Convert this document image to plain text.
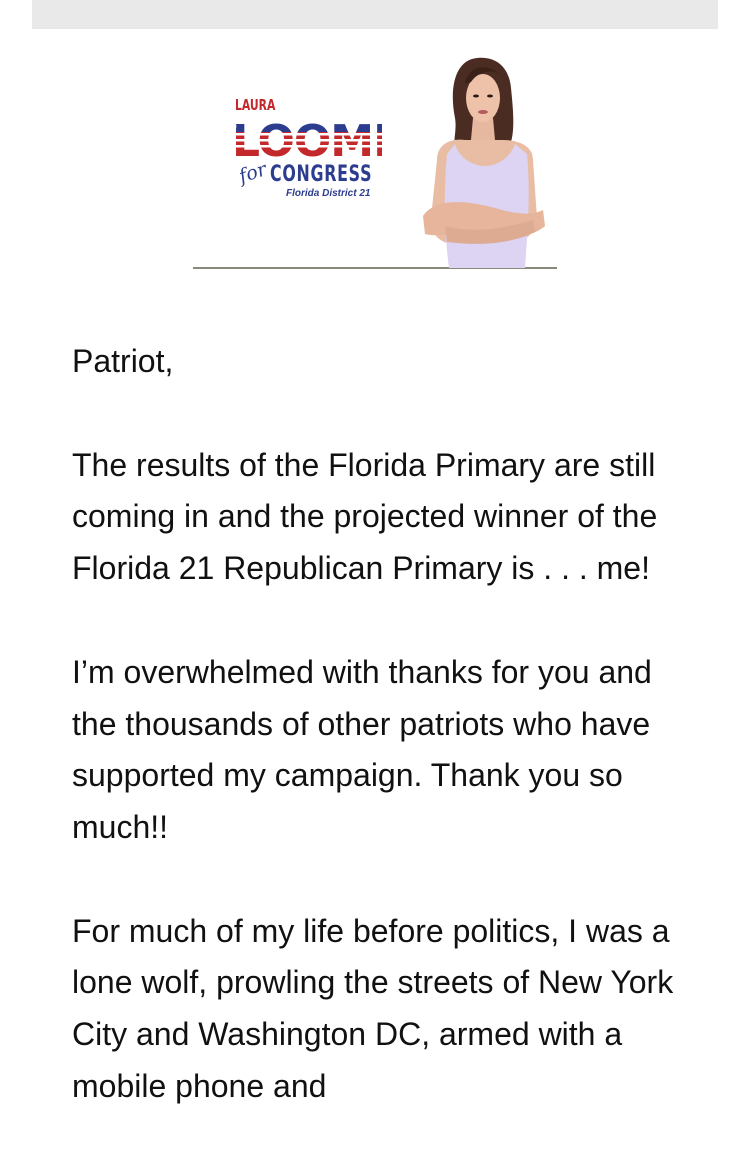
LAURA
★
★
for CONGRESS
Florida District 21

Patriot,

The results of the Florida Primary are still coming in and the projected winner of the Florida 21 Republican Primary is . . . me!

I’m overwhelmed with thanks for you and the thousands of other patriots who have supported my campaign. Thank you so much!!

For much of my life before politics, I was a lone wolf, prowling the streets of New York City and Washington DC, armed with a mobile phone and
